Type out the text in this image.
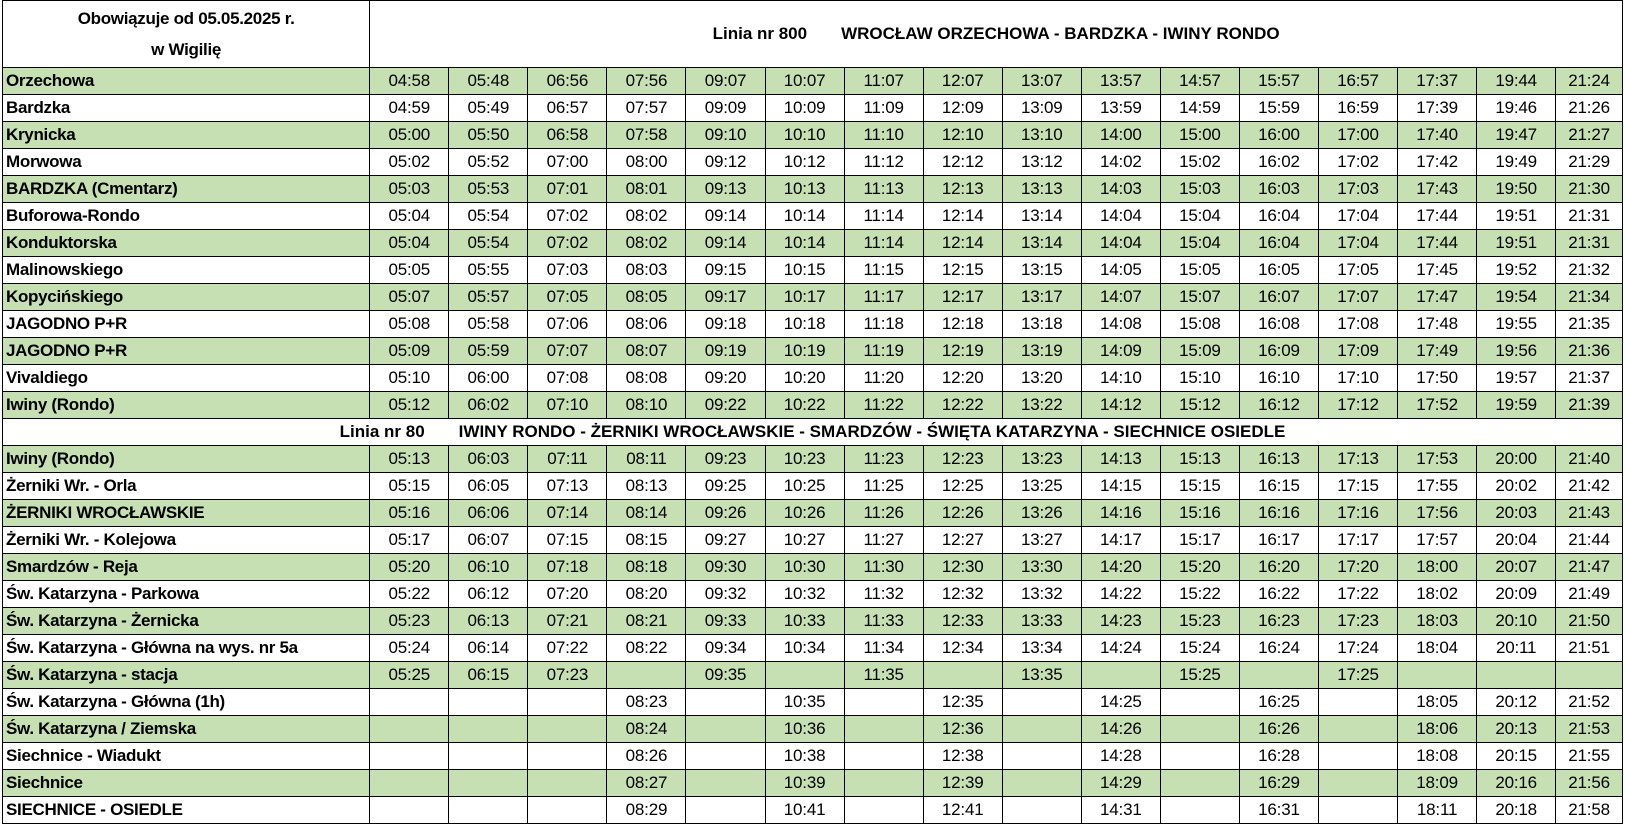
Obowiązuje od 05.05.2025 r.
w Wigilię	Linia nr 800 WROCŁAW ORZECHOWA - BARDZKA - IWINY RONDO															
Orzechowa	04:58	05:48	06:56	07:56	09:07	10:07	11:07	12:07	13:07	13:57	14:57	15:57	16:57	17:37	19:44	21:24
Bardzka	04:59	05:49	06:57	07:57	09:09	10:09	11:09	12:09	13:09	13:59	14:59	15:59	16:59	17:39	19:46	21:26
Krynicka	05:00	05:50	06:58	07:58	09:10	10:10	11:10	12:10	13:10	14:00	15:00	16:00	17:00	17:40	19:47	21:27
Morwowa	05:02	05:52	07:00	08:00	09:12	10:12	11:12	12:12	13:12	14:02	15:02	16:02	17:02	17:42	19:49	21:29
BARDZKA (Cmentarz)	05:03	05:53	07:01	08:01	09:13	10:13	11:13	12:13	13:13	14:03	15:03	16:03	17:03	17:43	19:50	21:30
Buforowa-Rondo	05:04	05:54	07:02	08:02	09:14	10:14	11:14	12:14	13:14	14:04	15:04	16:04	17:04	17:44	19:51	21:31
Konduktorska	05:04	05:54	07:02	08:02	09:14	10:14	11:14	12:14	13:14	14:04	15:04	16:04	17:04	17:44	19:51	21:31
Malinowskiego	05:05	05:55	07:03	08:03	09:15	10:15	11:15	12:15	13:15	14:05	15:05	16:05	17:05	17:45	19:52	21:32
Kopycińskiego	05:07	05:57	07:05	08:05	09:17	10:17	11:17	12:17	13:17	14:07	15:07	16:07	17:07	17:47	19:54	21:34
JAGODNO P+R	05:08	05:58	07:06	08:06	09:18	10:18	11:18	12:18	13:18	14:08	15:08	16:08	17:08	17:48	19:55	21:35
JAGODNO P+R	05:09	05:59	07:07	08:07	09:19	10:19	11:19	12:19	13:19	14:09	15:09	16:09	17:09	17:49	19:56	21:36
Vivaldiego	05:10	06:00	07:08	08:08	09:20	10:20	11:20	12:20	13:20	14:10	15:10	16:10	17:10	17:50	19:57	21:37
Iwiny (Rondo)	05:12	06:02	07:10	08:10	09:22	10:22	11:22	12:22	13:22	14:12	15:12	16:12	17:12	17:52	19:59	21:39
Linia nr 80 IWINY RONDO - ŻERNIKI WROCŁAWSKIE - SMARDZÓW - ŚWIĘTA KATARZYNA - SIECHNICE OSIEDLE																
Iwiny (Rondo)	05:13	06:03	07:11	08:11	09:23	10:23	11:23	12:23	13:23	14:13	15:13	16:13	17:13	17:53	20:00	21:40
Żerniki Wr. - Orla	05:15	06:05	07:13	08:13	09:25	10:25	11:25	12:25	13:25	14:15	15:15	16:15	17:15	17:55	20:02	21:42
ŻERNIKI WROCŁAWSKIE	05:16	06:06	07:14	08:14	09:26	10:26	11:26	12:26	13:26	14:16	15:16	16:16	17:16	17:56	20:03	21:43
Żerniki Wr. - Kolejowa	05:17	06:07	07:15	08:15	09:27	10:27	11:27	12:27	13:27	14:17	15:17	16:17	17:17	17:57	20:04	21:44
Smardzów - Reja	05:20	06:10	07:18	08:18	09:30	10:30	11:30	12:30	13:30	14:20	15:20	16:20	17:20	18:00	20:07	21:47
Św. Katarzyna - Parkowa	05:22	06:12	07:20	08:20	09:32	10:32	11:32	12:32	13:32	14:22	15:22	16:22	17:22	18:02	20:09	21:49
Św. Katarzyna - Żernicka	05:23	06:13	07:21	08:21	09:33	10:33	11:33	12:33	13:33	14:23	15:23	16:23	17:23	18:03	20:10	21:50
Św. Katarzyna - Główna na wys. nr 5a	05:24	06:14	07:22	08:22	09:34	10:34	11:34	12:34	13:34	14:24	15:24	16:24	17:24	18:04	20:11	21:51
Św. Katarzyna - stacja	05:25	06:15	07:23		09:35		11:35		13:35		15:25		17:25			
Św. Katarzyna - Główna (1h)				08:23		10:35		12:35		14:25		16:25		18:05	20:12	21:52
Św. Katarzyna / Ziemska				08:24		10:36		12:36		14:26		16:26		18:06	20:13	21:53
Siechnice - Wiadukt				08:26		10:38		12:38		14:28		16:28		18:08	20:15	21:55
Siechnice				08:27		10:39		12:39		14:29		16:29		18:09	20:16	21:56
SIECHNICE - OSIEDLE				08:29		10:41		12:41		14:31		16:31		18:11	20:18	21:58
